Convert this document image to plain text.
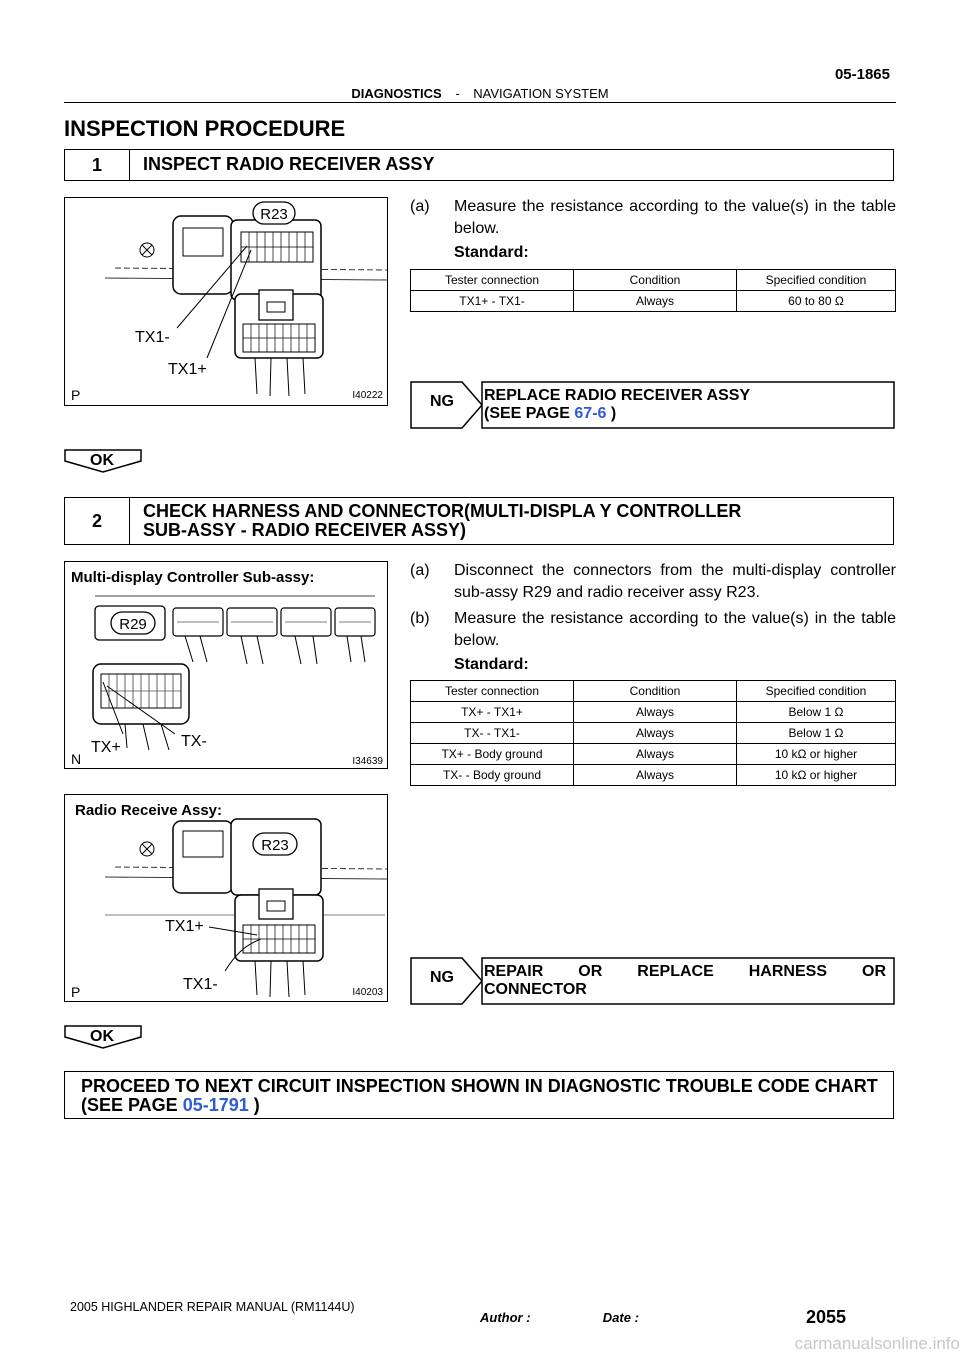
05-1865
DIAGNOSTICS - NAVIGATION SYSTEM
INSPECTION PROCEDURE
1	INSPECT RADIO RECEIVER ASSY
R23
TX1-
TX1+
P	I40222
(a) Measure the resistance according to the value(s) in the table below.
Standard:
Tester connection	Condition	Specified condition
TX1+ - TX1-	Always	60 to 80 Ω
NG REPLACE RADIO RECEIVER ASSY
(SEE PAGE 67-6 )
OK
2	CHECK HARNESS AND CONNECTOR(MULTI-DISPLA Y CONTROLLER
SUB-ASSY - RADIO RECEIVER ASSY)
Multi-display Controller Sub-assy:
R29
TX+	TX-
N	I34639
Radio Receive Assy:
R23
TX1+
TX1-
P	I40203
(a) Disconnect the connectors from the multi-display controller sub-assy R29 and radio receiver assy R23.
(b) Measure the resistance according to the value(s) in the table below.
Standard:
Tester connection	Condition	Specified condition
TX+ - TX1+	Always	Below 1 Ω
TX- - TX1-	Always	Below 1 Ω
TX+ - Body ground	Always	10 kΩ or higher
TX- - Body ground	Always	10 kΩ or higher
NG REPAIR OR REPLACE HARNESS OR
CONNECTOR
OK
PROCEED TO NEXT CIRCUIT INSPECTION SHOWN IN DIAGNOSTIC TROUBLE CODE CHART
(SEE PAGE 05-1791 )
2005 HIGHLANDER REPAIR MANUAL (RM1144U)
Author :                    Date :	2055
carmanualsonline.info
